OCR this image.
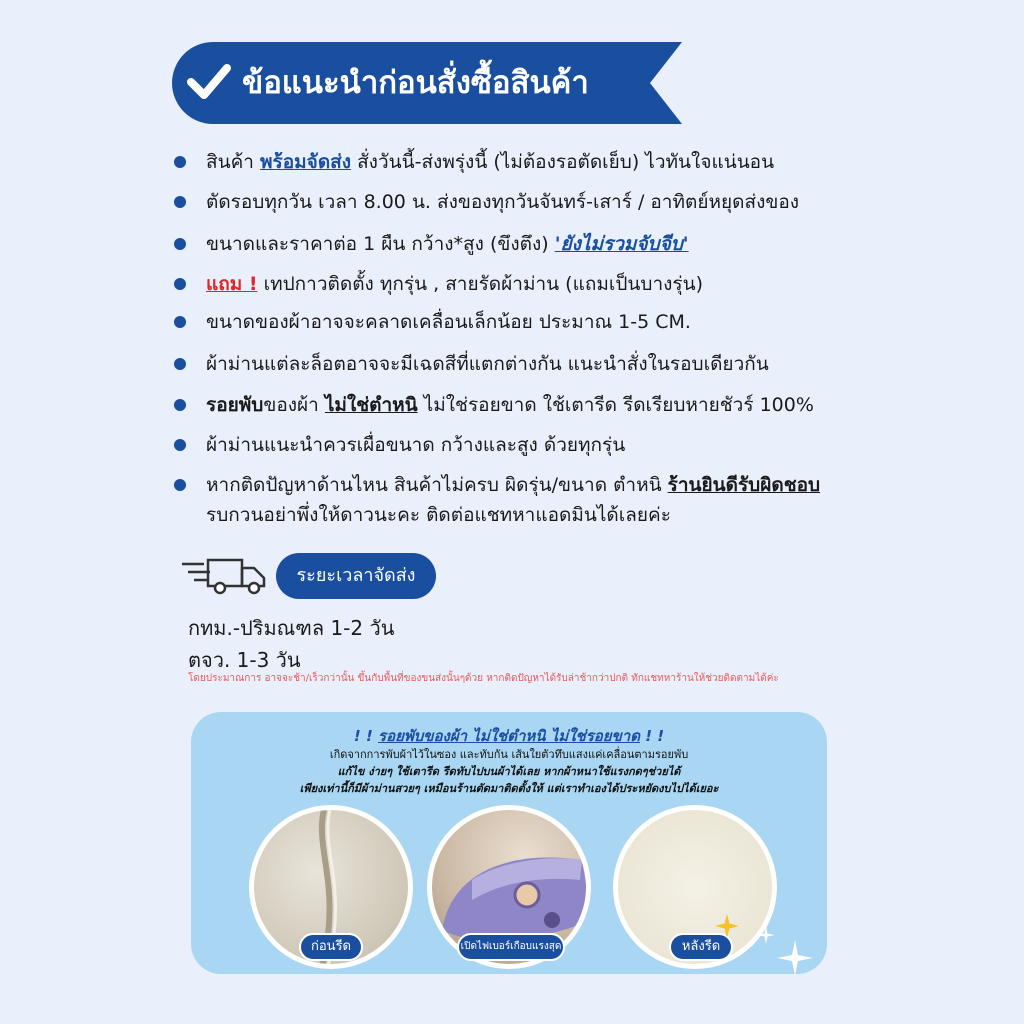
ข้อแนะนำก่อนสั่งซื้อสินค้า
สินค้า พร้อมจัดส่ง สั่งวันนี้-ส่งพรุ่งนี้ (ไม่ต้องรอตัดเย็บ) ไวทันใจแน่นอน
ตัดรอบทุกวัน เวลา 8.00 น. ส่งของทุกวันจันทร์-เสาร์ / อาทิตย์หยุดส่งของ
ขนาดและราคาต่อ 1 ผืน กว้าง*สูง (ขึงตึง) 'ยังไม่รวมจับจีบ'
แถม ! เทปกาวติดตั้ง ทุกรุ่น , สายรัดผ้าม่าน (แถมเป็นบางรุ่น)
ขนาดของผ้าอาจจะคลาดเคลื่อนเล็กน้อย ประมาณ 1-5 CM.
ผ้าม่านแต่ละล็อตอาจจะมีเฉดสีที่แตกต่างกัน แนะนำสั่งในรอบเดียวกัน
รอยพับของผ้า ไม่ใช่ตำหนิ ไม่ใช่รอยขาด ใช้เตารีด รีดเรียบหายชัวร์ 100%
ผ้าม่านแนะนำควรเผื่อขนาด กว้างและสูง ด้วยทุกรุ่น
หากติดปัญหาด้านไหน สินค้าไม่ครบ ผิดรุ่น/ขนาด ตำหนิ ร้านยินดีรับผิดชอบ
รบกวนอย่าพึ่งให้ดาวนะคะ ติดต่อแชทหาแอดมินได้เลยค่ะ
ระยะเวลาจัดส่ง
กทม.-ปริมณฑล 1-2 วัน
ตจว. 1-3 วัน
โดยประมาณการ อาจจะช้า/เร็วกว่านั้น ขึ้นกับพื้นที่ของขนส่งนั้นๆด้วย หากติดปัญหาได้รับล่าช้ากว่าปกติ ทักแชทหาร้านให้ช่วยติดตามได้ค่ะ
! ! รอยพับของผ้า ไม่ใช่ตำหนิ ไม่ใช่รอยขาด ! !
เกิดจากการพับผ้าไว้ในซอง และทับกัน เส้นใยตัวทึบแสงแค่เคลื่อนตามรอยพับ
แก้ไข ง่ายๆ ใช้เตารีด รีดทับไปบนผ้าได้เลย หากผ้าหนาใช้แรงกดๆช่วยได้
เพียงเท่านี้ก็มีผ้าม่านสวยๆ เหมือนร้านตัดมาติดตั้งให้ แต่เราทำเองได้ประหยัดงบไปได้เยอะ
ก่อนรีด	เปิดไฟเบอร์เกือบแรงสุด	หลังรีด
